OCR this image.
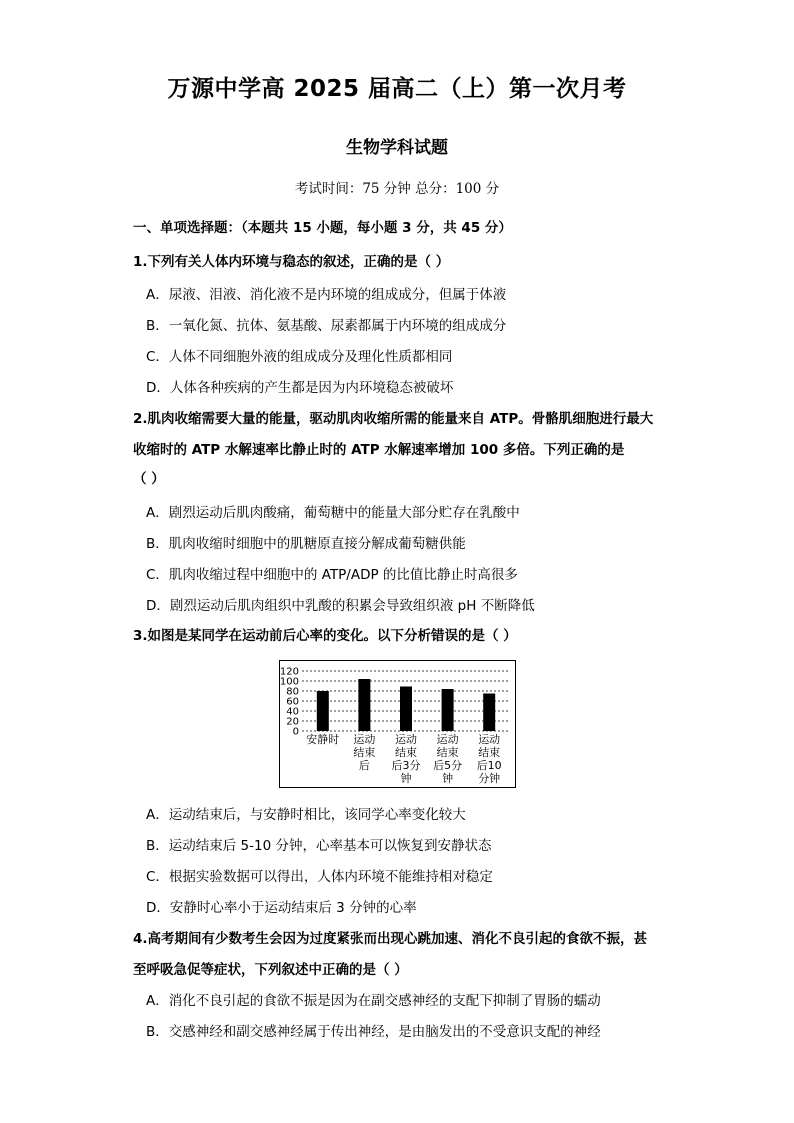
万源中学高 2025 届高二（上）第一次月考
生物学科试题
考试时间：75 分钟 总分：100 分
一、单项选择题：（本题共 15 小题，每小题 3 分，共 45 分）
1.下列有关人体内环境与稳态的叙述，正确的是（ ）
A．尿液、泪液、消化液不是内环境的组成成分，但属于体液
B．一氧化氮、抗体、氨基酸、尿素都属于内环境的组成成分
C．人体不同细胞外液的组成成分及理化性质都相同
D．人体各种疾病的产生都是因为内环境稳态被破坏
2.肌肉收缩需要大量的能量，驱动肌肉收缩所需的能量来自 ATP。骨骼肌细胞进行最大
收缩时的 ATP 水解速率比静止时的 ATP 水解速率增加 100 多倍。下列正确的是
（ ）
A．剧烈运动后肌肉酸痛，葡萄糖中的能量大部分贮存在乳酸中
B．肌肉收缩时细胞中的肌糖原直接分解成葡萄糖供能
C．肌肉收缩过程中细胞中的 ATP/ADP 的比值比静止时高很多
D．剧烈运动后肌肉组织中乳酸的积累会导致组织液 pH 不断降低
3.如图是某同学在运动前后心率的变化。以下分析错误的是（ ）
0
20
40
60
80
100
120
安静时 运动
结束
后
运动
结束
后3分
钟
运动
结束
后5分
钟
运动
结束
后10
分钟
A．运动结束后，与安静时相比，该同学心率变化较大
B．运动结束后 5-10 分钟，心率基本可以恢复到安静状态
C．根据实验数据可以得出，人体内环境不能维持相对稳定
D．安静时心率小于运动结束后 3 分钟的心率
4.高考期间有少数考生会因为过度紧张而出现心跳加速、消化不良引起的食欲不振，甚
至呼吸急促等症状，下列叙述中正确的是（ ）
A．消化不良引起的食欲不振是因为在副交感神经的支配下抑制了胃肠的蠕动
B．交感神经和副交感神经属于传出神经，是由脑发出的不受意识支配的神经
